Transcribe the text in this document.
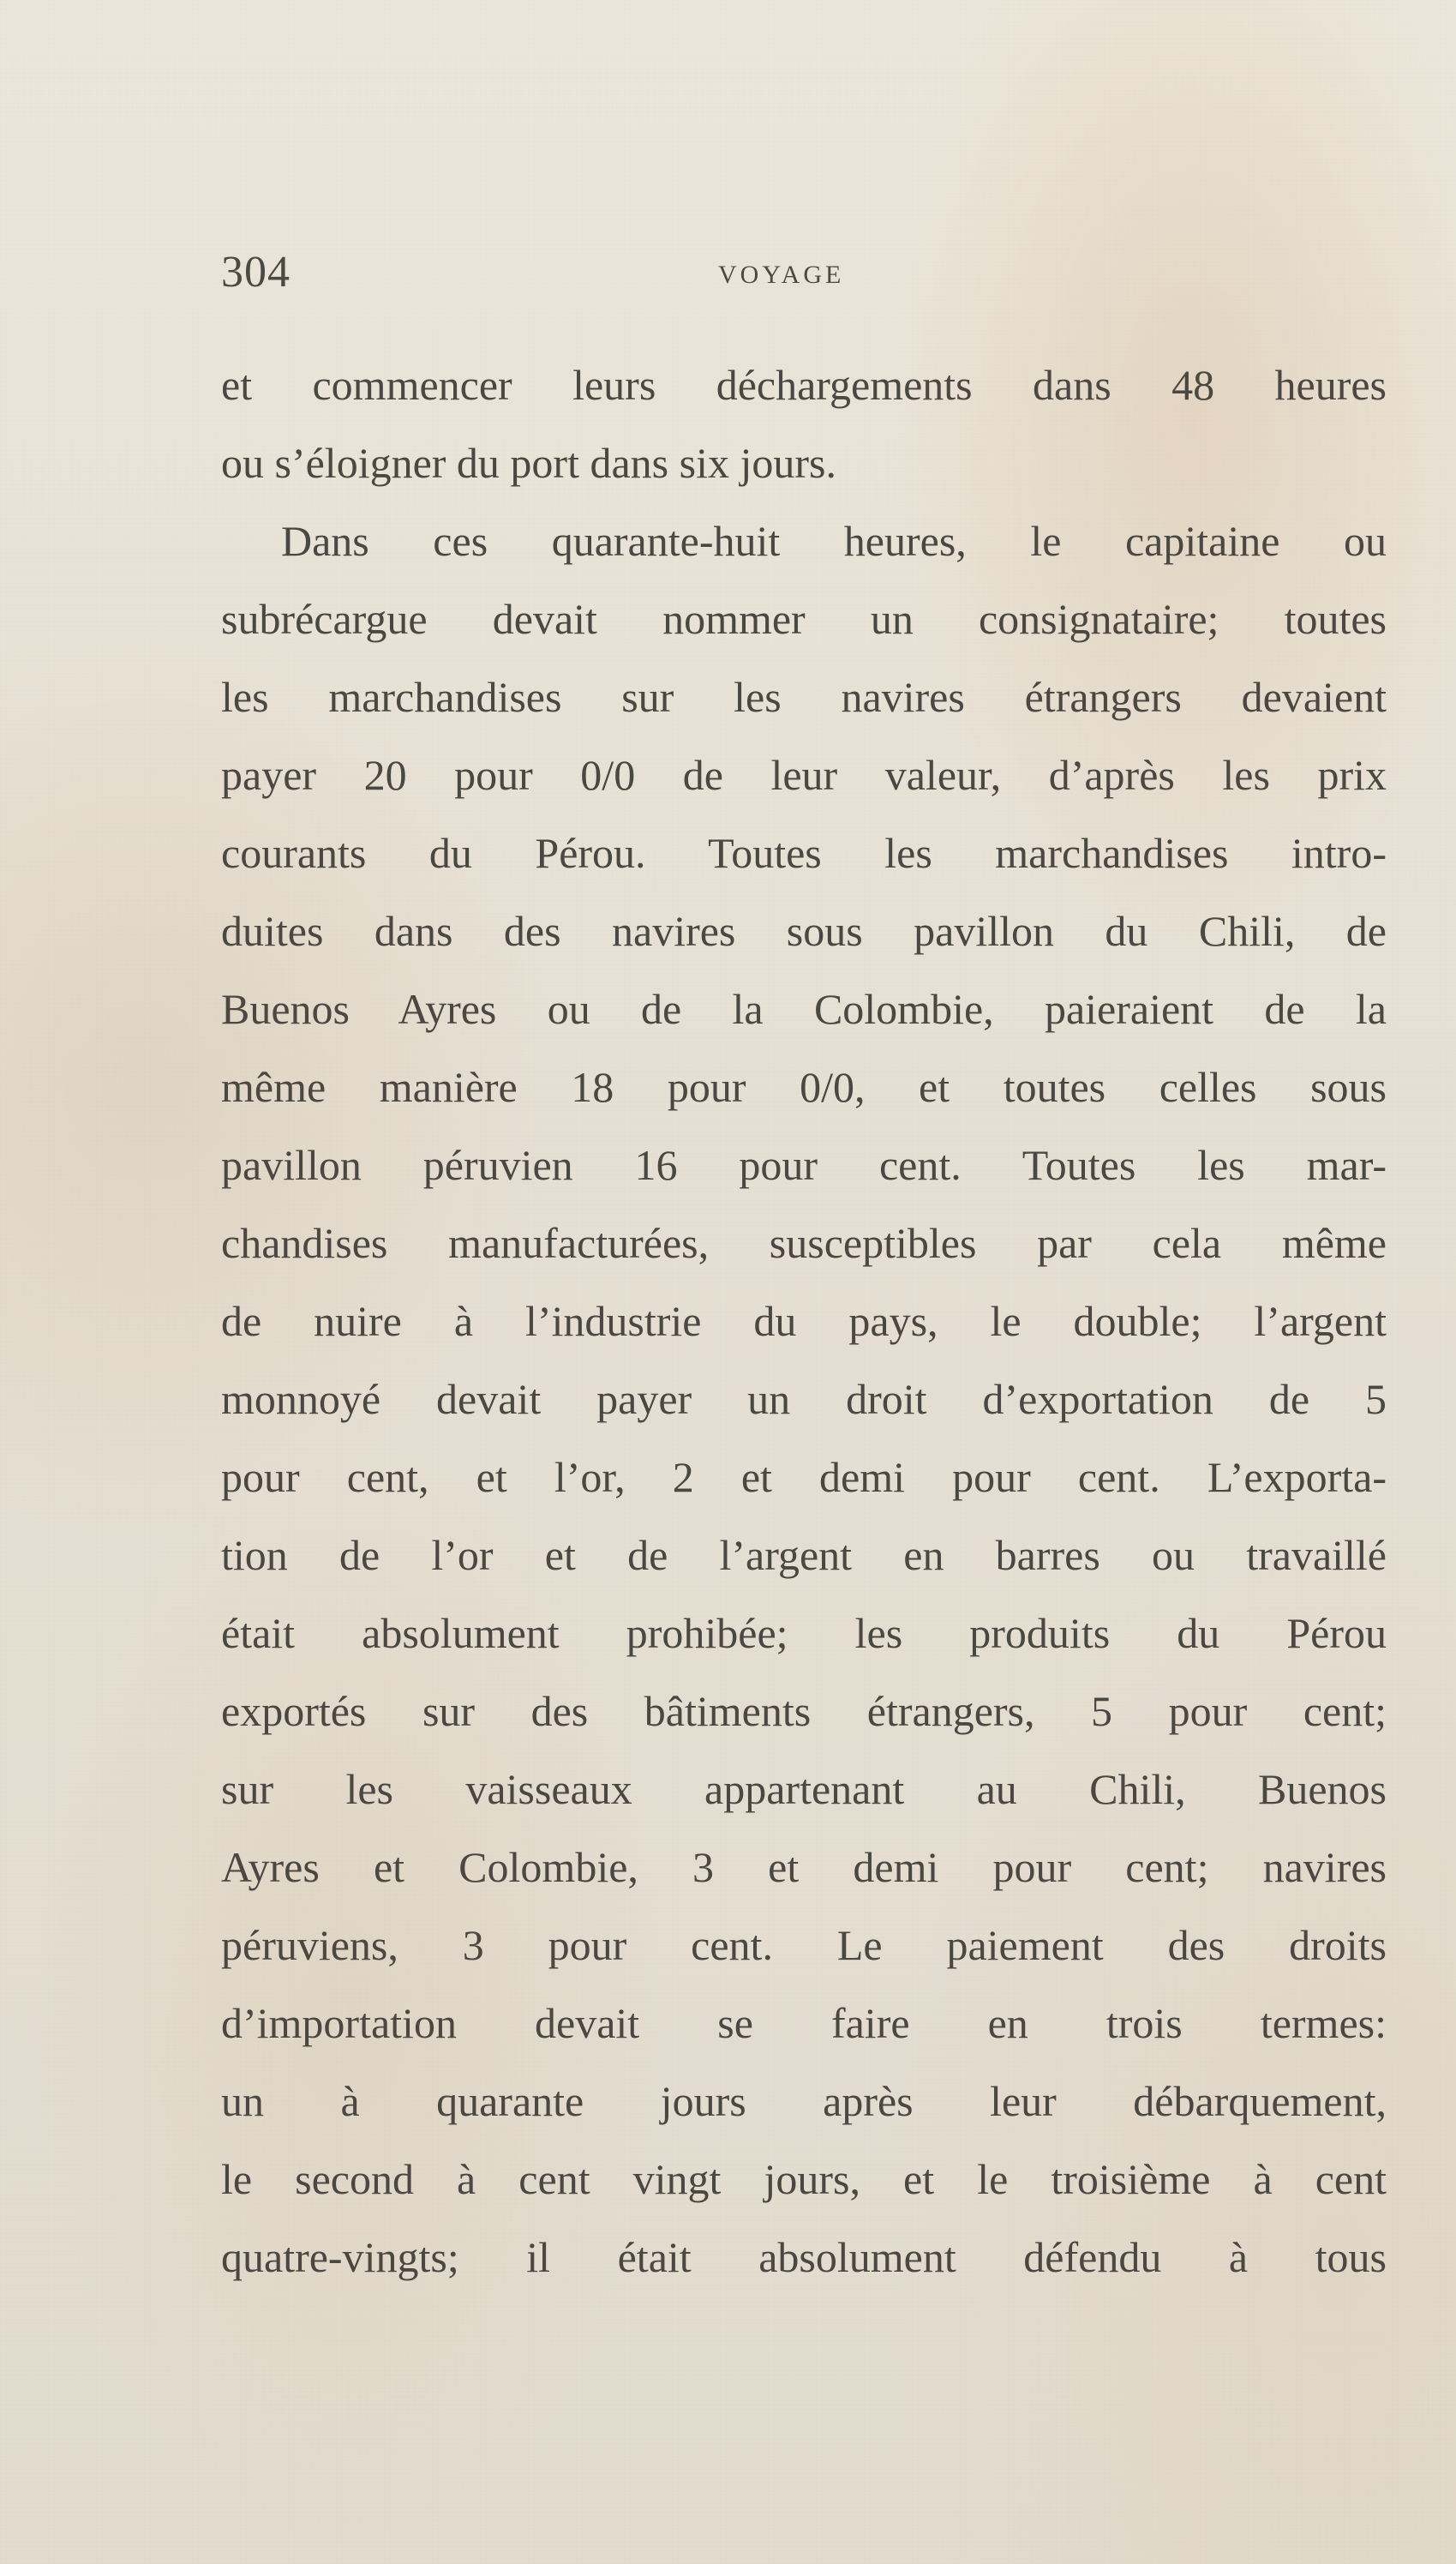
304	VOYAGE
et commencer leurs déchargements dans 48 heures
ou s’éloigner du port dans six jours.
Dans ces quarante-huit heures, le capitaine ou
subrécargue devait nommer un consignataire; toutes
les marchandises sur les navires étrangers devaient
payer 20 pour 0/0 de leur valeur, d’après les prix
courants du Pérou. Toutes les marchandises intro-
duites dans des navires sous pavillon du Chili, de
Buenos Ayres ou de la Colombie, paieraient de la
même manière 18 pour 0/0, et toutes celles sous
pavillon péruvien 16 pour cent. Toutes les mar-
chandises manufacturées, susceptibles par cela même
de nuire à l’industrie du pays, le double; l’argent
monnoyé devait payer un droit d’exportation de 5
pour cent, et l’or, 2 et demi pour cent. L’exporta-
tion de l’or et de l’argent en barres ou travaillé
était absolument prohibée; les produits du Pérou
exportés sur des bâtiments étrangers, 5 pour cent;
sur les vaisseaux appartenant au Chili, Buenos
Ayres et Colombie, 3 et demi pour cent; navires
péruviens, 3 pour cent. Le paiement des droits
d’importation devait se faire en trois termes:
un à quarante jours après leur débarquement,
le second à cent vingt jours, et le troisième à cent
quatre-vingts; il était absolument défendu à tous
